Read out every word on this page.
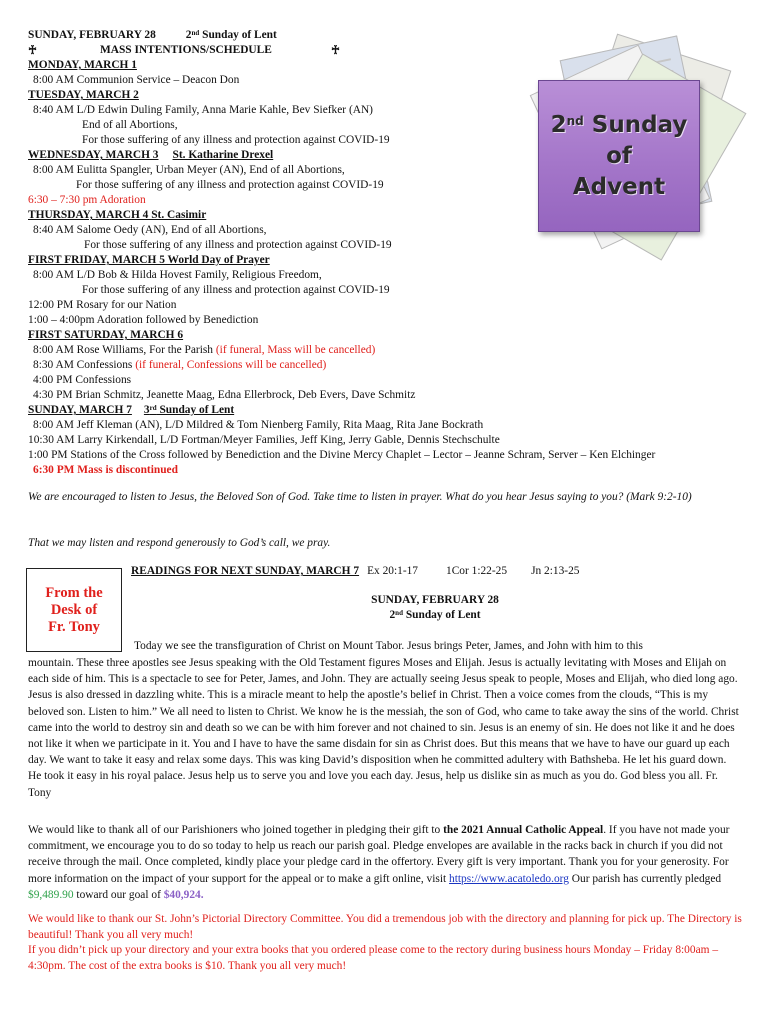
SUNDAY, FEBRUARY 28	2nd Sunday of Lent
♰	MASS INTENTIONS/SCHEDULE	♰
MONDAY, MARCH 1
8:00 AM Communion Service – Deacon Don
TUESDAY, MARCH 2
8:40 AM L/D Edwin Duling Family, Anna Marie Kahle, Bev Siefker (AN)
End of all Abortions,
For those suffering of any illness and protection against COVID-19
WEDNESDAY, MARCH 3 St. Katharine Drexel
8:00 AM Eulitta Spangler, Urban Meyer (AN), End of all Abortions,
For those suffering of any illness and protection against COVID-19
6:30 – 7:30 pm Adoration
THURSDAY, MARCH 4 St. Casimir
8:40 AM Salome Oedy (AN), End of all Abortions,
For those suffering of any illness and protection against COVID-19
FIRST FRIDAY, MARCH 5 World Day of Prayer
8:00 AM L/D Bob & Hilda Hovest Family, Religious Freedom,
For those suffering of any illness and protection against COVID-19
12:00 PM Rosary for our Nation
1:00 – 4:00pm Adoration followed by Benediction
FIRST SATURDAY, MARCH 6
8:00 AM Rose Williams, For the Parish (if funeral, Mass will be cancelled)
8:30 AM Confessions (if funeral, Confessions will be cancelled)
4:00 PM Confessions
4:30 PM Brian Schmitz, Jeanette Maag, Edna Ellerbrock, Deb Evers, Dave Schmitz
SUNDAY, MARCH 7 3rd Sunday of Lent
8:00 AM Jeff Kleman (AN), L/D Mildred & Tom Nienberg Family, Rita Maag, Rita Jane Bockrath
10:30 AM Larry Kirkendall, L/D Fortman/Meyer Families, Jeff King, Jerry Gable, Dennis Stechschulte
1:00 PM Stations of the Cross followed by Benediction and the Divine Mercy Chaplet – Lector – Jeanne Schram, Server – Ken Elchinger
6:30 PM Mass is discontinued
2nd Sunday
of
Advent
We are encouraged to listen to Jesus, the Beloved Son of God. Take time to listen in prayer. What do you hear Jesus saying to you? (Mark 9:2-10)
That we may listen and respond generously to God’s call, we pray.
READINGS FOR NEXT SUNDAY, MARCH 7 Ex 20:1-17 1Cor 1:22-25 Jn 2:13-25
From the
Desk of
Fr. Tony
SUNDAY, FEBRUARY 28
2nd Sunday of Lent
Today we see the transfiguration of Christ on Mount Tabor. Jesus brings Peter, James, and John with him to this
mountain. These three apostles see Jesus speaking with the Old Testament figures Moses and Elijah. Jesus is actually levitating with Moses and Elijah on each side of him. This is a spectacle to see for Peter, James, and John. They are actually seeing Jesus speak to people, Moses and Elijah, who died long ago. Jesus is also dressed in dazzling white. This is a miracle meant to help the apostle’s belief in Christ. Then a voice comes from the clouds, “This is my beloved son. Listen to him.” We all need to listen to Christ. We know he is the messiah, the son of God, who came to take away the sins of the world. Christ came into the world to destroy sin and death so we can be with him forever and not chained to sin. Jesus is an enemy of sin. He does not like it and he does not like it when we participate in it. You and I have to have the same disdain for sin as Christ does. But this means that we have to have our guard up each day. We want to take it easy and relax some days. This was king David’s disposition when he committed adultery with Bathsheba. He let his guard down. He took it easy in his royal palace. Jesus help us to serve you and love you each day. Jesus, help us dislike sin as much as you do. God bless you all. Fr. Tony
We would like to thank all of our Parishioners who joined together in pledging their gift to the 2021 Annual Catholic Appeal. If you have not made your commitment, we encourage you to do so today to help us reach our parish goal. Pledge envelopes are available in the racks back in church if you did not receive through the mail. Once completed, kindly place your pledge card in the offertory. Every gift is very important. Thank you for your generosity. For more information on the impact of your support for the appeal or to make a gift online, visit https://www.acatoledo.org Our parish has currently pledged $9,489.90 toward our goal of $40,924.
We would like to thank our St. John’s Pictorial Directory Committee. You did a tremendous job with the directory and planning for pick up. The Directory is beautiful! Thank you all very much!
If you didn’t pick up your directory and your extra books that you ordered please come to the rectory during business hours Monday – Friday 8:00am – 4:30pm. The cost of the extra books is $10. Thank you all very much!
